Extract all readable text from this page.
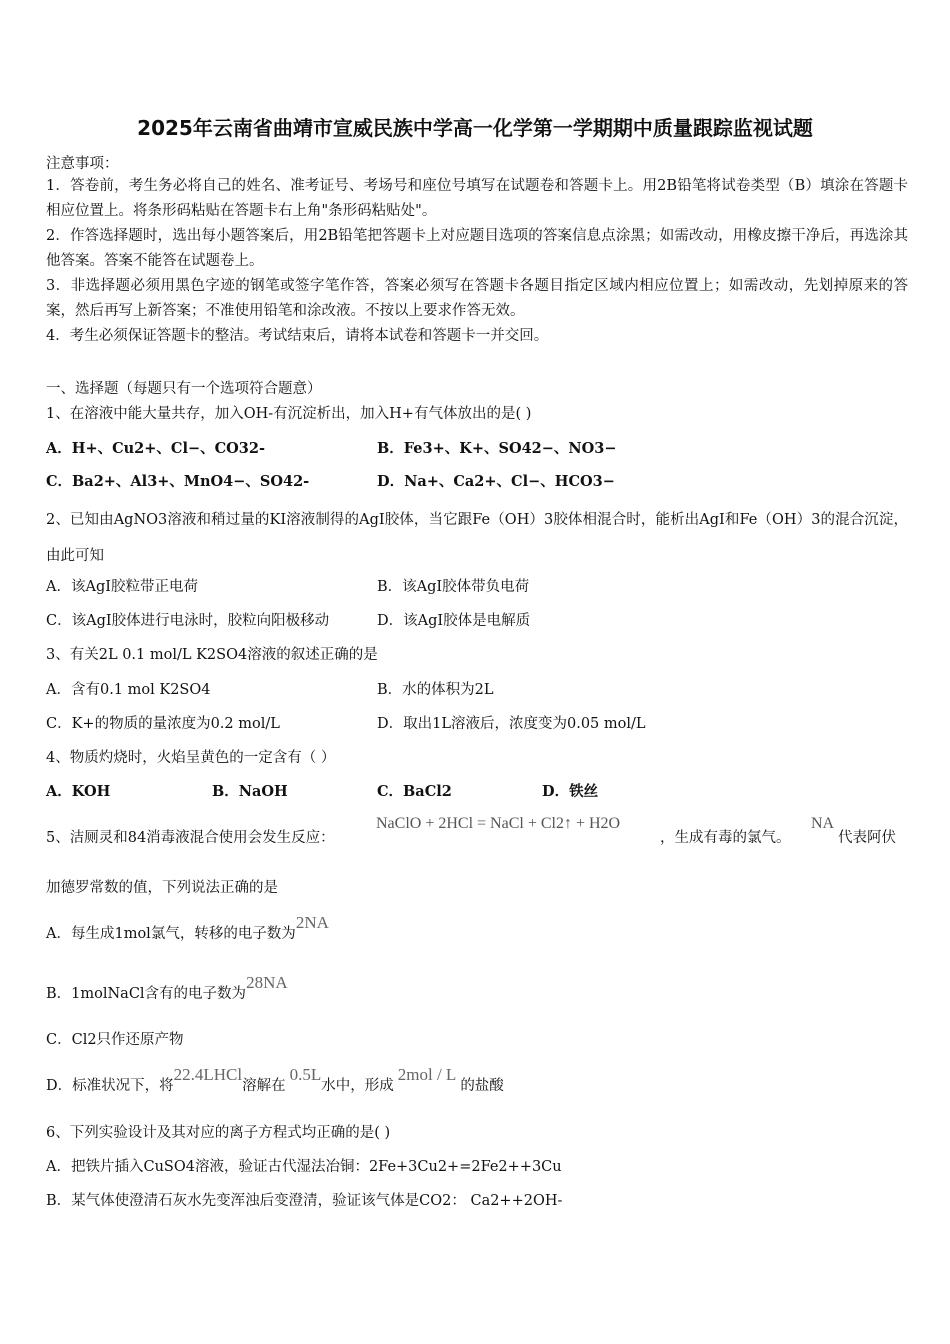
2025年云南省曲靖市宣威民族中学高一化学第一学期期中质量跟踪监视试题
注意事项：
1．答卷前，考生务必将自己的姓名、准考证号、考场号和座位号填写在试题卷和答题卡上。用2B铅笔将试卷类型（B）填涂在答题卡相应位置上。将条形码粘贴在答题卡右上角"条形码粘贴处"。
2．作答选择题时，选出每小题答案后，用2B铅笔把答题卡上对应题目选项的答案信息点涂黑；如需改动，用橡皮擦干净后，再选涂其他答案。答案不能答在试题卷上。
3．非选择题必须用黑色字迹的钢笔或签字笔作答，答案必须写在答题卡各题目指定区域内相应位置上；如需改动，先划掉原来的答案，然后再写上新答案；不准使用铅笔和涂改液。不按以上要求作答无效。
4．考生必须保证答题卡的整洁。考试结束后，请将本试卷和答题卡一并交回。
一、选择题（每题只有一个选项符合题意）
1、在溶液中能大量共存，加入OH-有沉淀析出，加入H+有气体放出的是( )
A．H+、Cu2+、Cl−、CO32-	B．Fe3+、K+、SO42−、NO3−
C．Ba2+、Al3+、MnO4−、SO42-	D．Na+、Ca2+、Cl−、HCO3−
2、已知由AgNO3溶液和稍过量的KI溶液制得的AgI胶体，当它跟Fe（OH）3胶体相混合时，能析出AgI和Fe（OH）3的混合沉淀，由此可知
A．该AgI胶粒带正电荷	B．该AgI胶体带负电荷
C．该AgI胶体进行电泳时，胶粒向阳极移动	D．该AgI胶体是电解质
3、有关2L 0.1 mol/L K2SO4溶液的叙述正确的是
A．含有0.1 mol K2SO4	B．水的体积为2L
C．K+的物质的量浓度为0.2 mol/L	D．取出1L溶液后，浓度变为0.05 mol/L
4、物质灼烧时，火焰呈黄色的一定含有（ ）
A．KOH	B．NaOH	C．BaCl2	D．铁丝
5、洁厕灵和84消毒液混合使用会发生反应：
NaClO + 2HCl = NaCl + Cl2↑ + H2O
，生成有毒的氯气。
NA
代表阿伏
加德罗常数的值，下列说法正确的是
A．每生成1mol氯气，转移的电子数为2NA
B．1molNaCl含有的电子数为28NA
C．Cl2只作还原产物
D．标准状况下，将22.4LHCl溶解在0.5L水中，形成2mol / L的盐酸
6、下列实验设计及其对应的离子方程式均正确的是( )
A．把铁片插入CuSO4溶液，验证古代湿法冶铜：2Fe+3Cu2+=2Fe2++3Cu
B．某气体使澄清石灰水先变浑浊后变澄清，验证该气体是CO2： Ca2++2OH-
